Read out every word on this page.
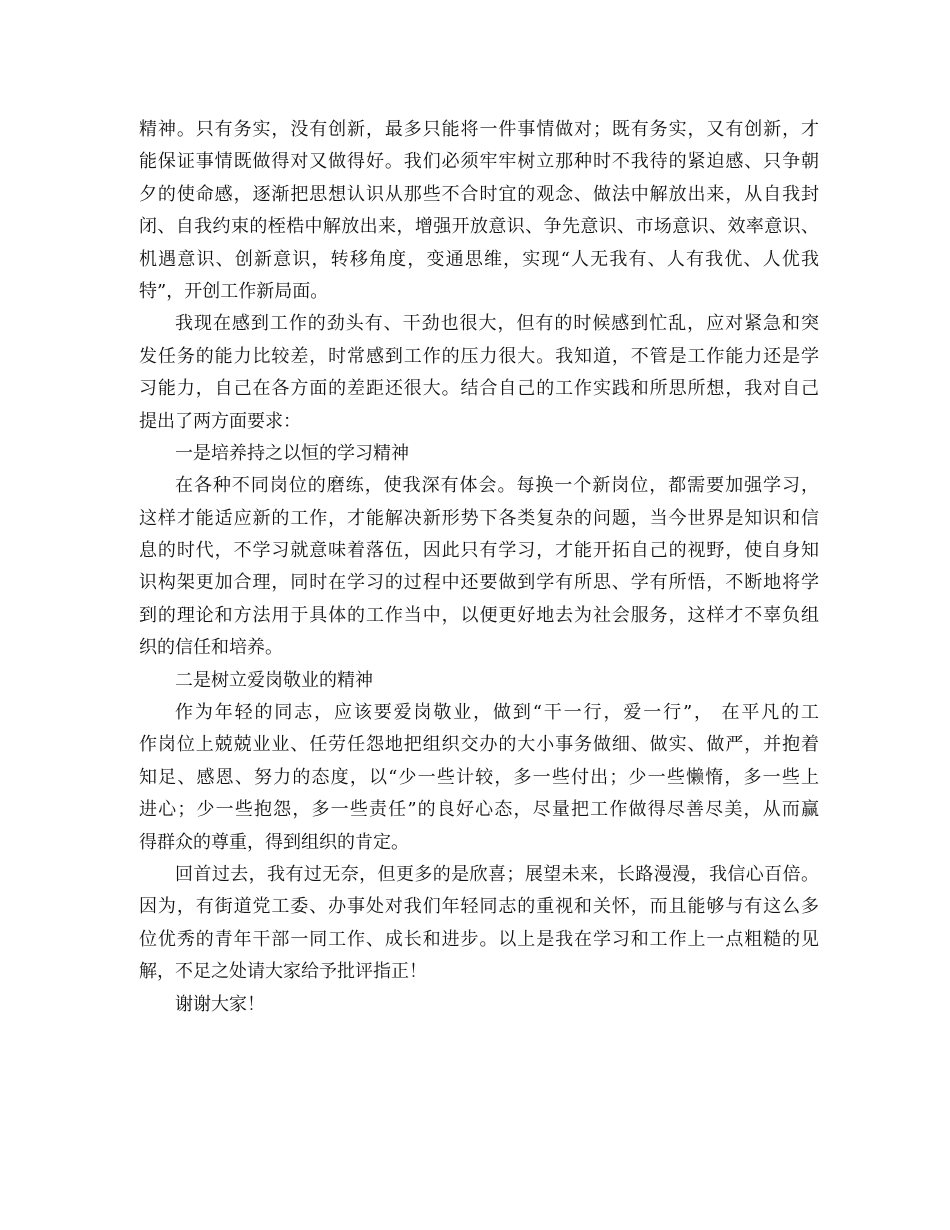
精神。只有务实，没有创新，最多只能将一件事情做对；既有务实，又有创新，才
能保证事情既做得对又做得好。我们必须牢牢树立那种时不我待的紧迫感、只争朝
夕的使命感，逐渐把思想认识从那些不合时宜的观念、做法中解放出来，从自我封
闭、自我约束的桎梏中解放出来，增强开放意识、争先意识、市场意识、效率意识、
机遇意识、创新意识，转移角度，变通思维，实现“人无我有、人有我优、人优我
特”，开创工作新局面。
我现在感到工作的劲头有、干劲也很大，但有的时候感到忙乱，应对紧急和突
发任务的能力比较差，时常感到工作的压力很大。我知道，不管是工作能力还是学
习能力，自己在各方面的差距还很大。结合自己的工作实践和所思所想，我对自己
提出了两方面要求：
一是培养持之以恒的学习精神
在各种不同岗位的磨练，使我深有体会。每换一个新岗位，都需要加强学习，
这样才能适应新的工作，才能解决新形势下各类复杂的问题，当今世界是知识和信
息的时代，不学习就意味着落伍，因此只有学习，才能开拓自己的视野，使自身知
识构架更加合理，同时在学习的过程中还要做到学有所思、学有所悟，不断地将学
到的理论和方法用于具体的工作当中，以便更好地去为社会服务，这样才不辜负组
织的信任和培养。
二是树立爱岗敬业的精神
作为年轻的同志，应该要爱岗敬业，做到“干一行，爱一行”， 在平凡的工
作岗位上兢兢业业、任劳任怨地把组织交办的大小事务做细、做实、做严，并抱着
知足、感恩、努力的态度，以“少一些计较，多一些付出；少一些懒惰，多一些上
进心；少一些抱怨，多一些责任”的良好心态，尽量把工作做得尽善尽美，从而赢
得群众的尊重，得到组织的肯定。
回首过去，我有过无奈，但更多的是欣喜；展望未来，长路漫漫，我信心百倍。
因为，有街道党工委、办事处对我们年轻同志的重视和关怀，而且能够与有这么多
位优秀的青年干部一同工作、成长和进步。以上是我在学习和工作上一点粗糙的见
解，不足之处请大家给予批评指正！
谢谢大家！
